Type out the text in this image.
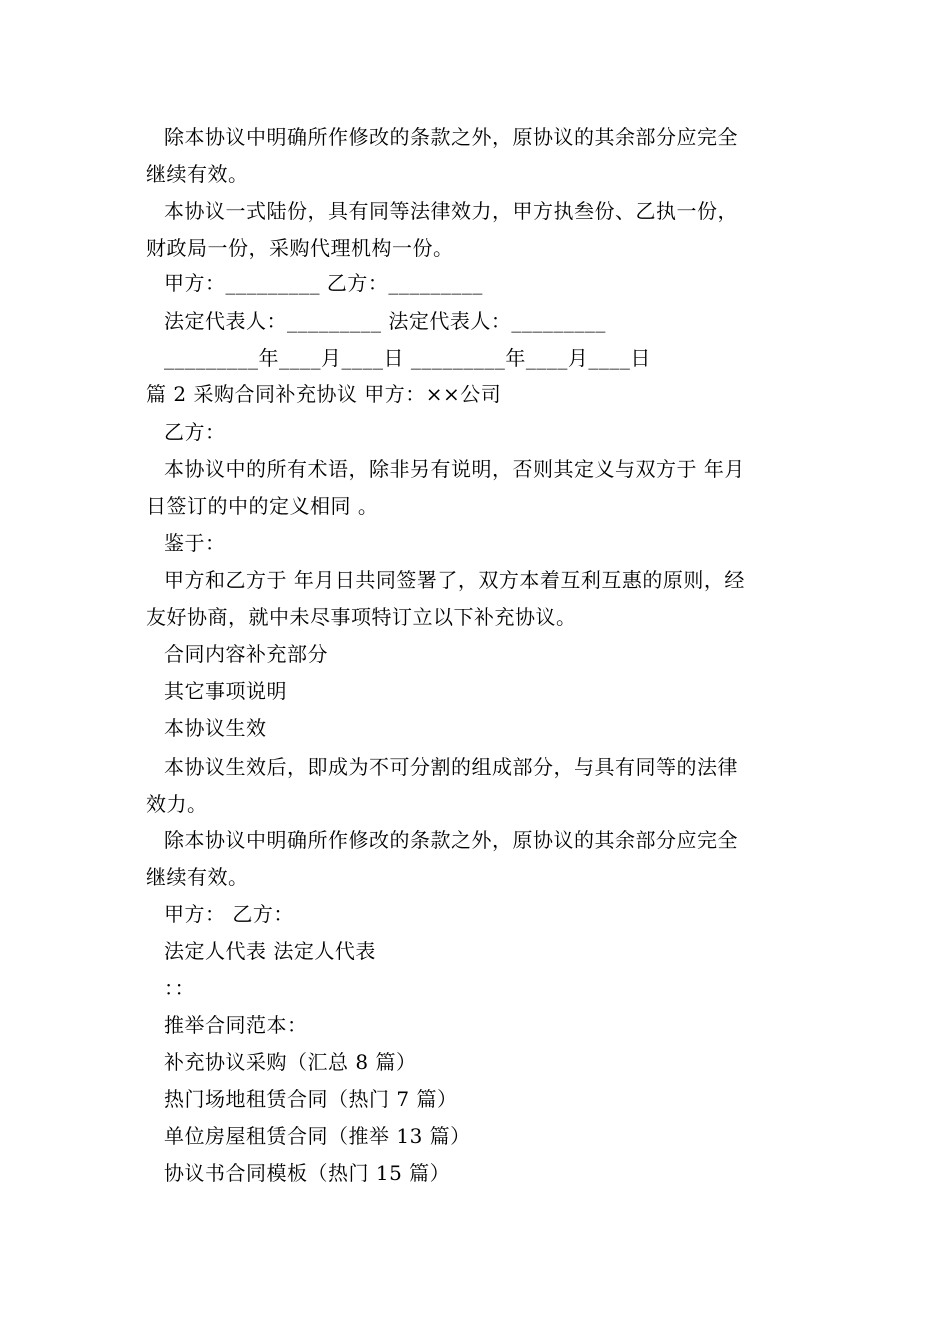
除本协议中明确所作修改的条款之外，原协议的其余部分应完全
继续有效。
本协议一式陆份，具有同等法律效力，甲方执叁份、乙执一份，
财政局一份，采购代理机构一份。
甲方：_________ 乙方：_________
法定代表人：_________ 法定代表人：_________
_________年____月____日 _________年____月____日
篇 2 采购合同补充协议 甲方：××公司
乙方：
本协议中的所有术语，除非另有说明，否则其定义与双方于 年月
日签订的中的定义相同 。
鉴于：
甲方和乙方于 年月日共同签署了，双方本着互利互惠的原则，经
友好协商，就中未尽事项特订立以下补充协议。
合同内容补充部分
其它事项说明
本协议生效
本协议生效后，即成为不可分割的组成部分，与具有同等的法律
效力。
除本协议中明确所作修改的条款之外，原协议的其余部分应完全
继续有效。
甲方： 乙方：
法定人代表 法定人代表
：：
推举合同范本：
补充协议采购（汇总 8 篇）
热门场地租赁合同（热门 7 篇）
单位房屋租赁合同（推举 13 篇）
协议书合同模板（热门 15 篇）
